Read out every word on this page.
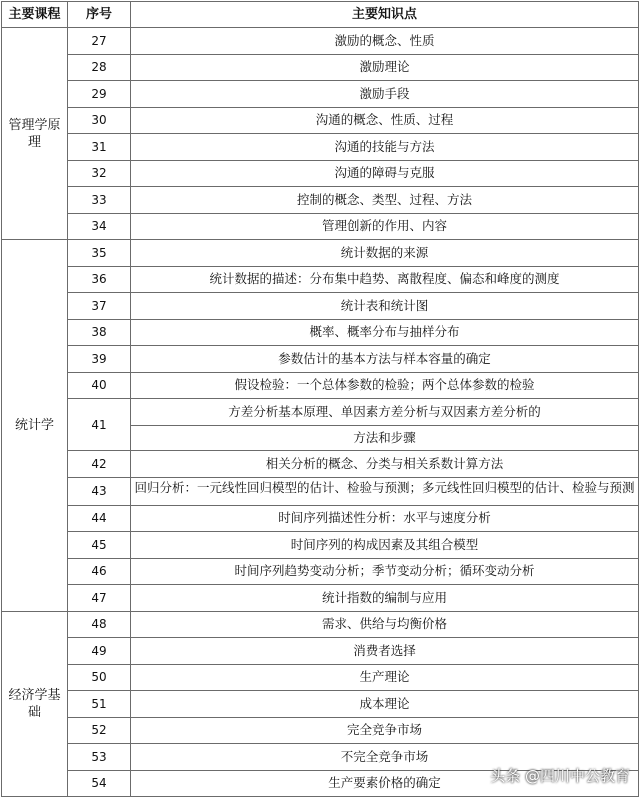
主要课程	序号	主要知识点
管理学原理	27	激励的概念、性质
	28	激励理论
	29	激励手段
	30	沟通的概念、性质、过程
	31	沟通的技能与方法
	32	沟通的障碍与克服
	33	控制的概念、类型、过程、方法
	34	管理创新的作用、内容
统计学	35	统计数据的来源
	36	统计数据的描述：分布集中趋势、离散程度、偏态和峰度的测度
	37	统计表和统计图
	38	概率、概率分布与抽样分布
	39	参数估计的基本方法与样本容量的确定
	40	假设检验：一个总体参数的检验；两个总体参数的检验
	41	方差分析基本原理、单因素方差分析与双因素方差分析的
		方法和步骤
	42	相关分析的概念、分类与相关系数计算方法
	43	回归分析：一元线性回归模型的估计、检验与预测；多元线性回归模型的估计、检验与预测
	44	时间序列描述性分析：水平与速度分析
	45	时间序列的构成因素及其组合模型
	46	时间序列趋势变动分析；季节变动分析；循环变动分析
	47	统计指数的编制与应用
经济学基础	48	需求、供给与均衡价格
	49	消费者选择
	50	生产理论
	51	成本理论
	52	完全竞争市场
	53	不完全竞争市场
	54	生产要素价格的确定	头条 @四川中公教育
